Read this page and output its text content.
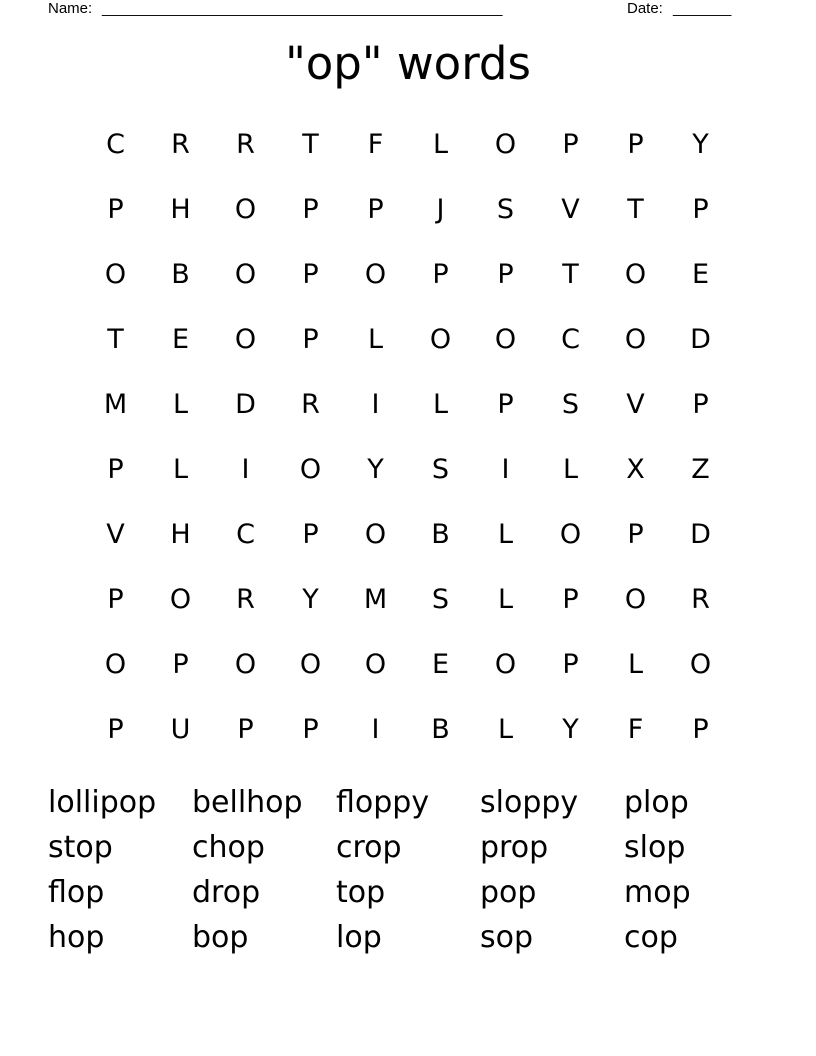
Name: ________________________________________________	Date: _______
"op" words
C	R	R	T	F	L	O	P	P	Y
P	H	O	P	P	J	S	V	T	P
O	B	O	P	O	P	P	T	O	E
T	E	O	P	L	O	O	C	O	D
M	L	D	R	I	L	P	S	V	P
P	L	I	O	Y	S	I	L	X	Z
V	H	C	P	O	B	L	O	P	D
P	O	R	Y	M	S	L	P	O	R
O	P	O	O	O	E	O	P	L	O
P	U	P	P	I	B	L	Y	F	P
lollipop	bellhop	floppy	sloppy	plop
stop	chop	crop	prop	slop
flop	drop	top	pop	mop
hop	bop	lop	sop	cop
